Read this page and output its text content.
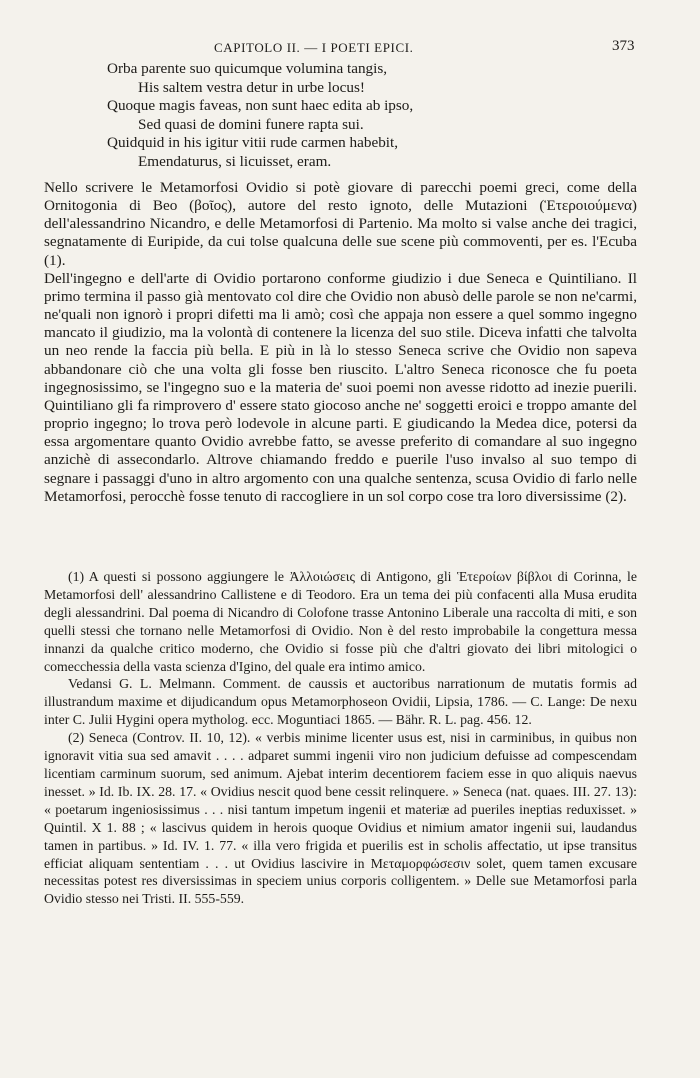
CAPITOLO II. — I POETI EPICI.	373
Orba parente suo quicumque volumina tangis,
His saltem vestra detur in urbe locus!
Quoque magis faveas, non sunt haec edita ab ipso,
Sed quasi de domini funere rapta sui.
Quidquid in his igitur vitii rude carmen habebit,
Emendaturus, si licuisset, eram.

Nello scrivere le Metamorfosi Ovidio si potè giovare di parecchi poemi greci, come della Ornitogonia di Beo (βοῖος), autore del resto ignoto, delle Mutazioni (Ἑτεροιούμενα) dell'alessandrino Nicandro, e delle Metamorfosi di Partenio. Ma molto si valse anche dei tragici, segnatamente di Euripide, da cui tolse qualcuna delle sue scene più commoventi, per es. l'Ecuba (1).

Dell'ingegno e dell'arte di Ovidio portarono conforme giudizio i due Seneca e Quintiliano. Il primo termina il passo già mentovato col dire che Ovidio non abusò delle parole se non ne'carmi, ne'quali non ignorò i propri difetti ma li amò; così che appaja non essere a quel sommo ingegno mancato il giudizio, ma la volontà di contenere la licenza del suo stile. Diceva infatti che talvolta un neo rende la faccia più bella. E più in là lo stesso Seneca scrive che Ovidio non sapeva abbandonare ciò che una volta gli fosse ben riuscito. L'altro Seneca riconosce che fu poeta ingegnosissimo, se l'ingegno suo e la materia de' suoi poemi non avesse ridotto ad inezie puerili. Quintiliano gli fa rimprovero d' essere stato giocoso anche ne' soggetti eroici e troppo amante del proprio ingegno; lo trova però lodevole in alcune parti. E giudicando la Medea dice, potersi da essa argomentare quanto Ovidio avrebbe fatto, se avesse preferito di comandare al suo ingegno anzichè di assecondarlo. Altrove chiamando freddo e puerile l'uso invalso al suo tempo di segnare i passaggi d'uno in altro argomento con una qualche sentenza, scusa Ovidio di farlo nelle Metamorfosi, perocchè fosse tenuto di raccogliere in un sol corpo cose tra loro diversissime (2).

(1) A questi si possono aggiungere le Ἀλλοιώσεις di Antigono, gli Ἑτεροίων βίβλοι di Corinna, le Metamorfosi dell' alessandrino Callistene e di Teodoro. Era un tema dei più confacenti alla Musa erudita degli alessandrini. Dal poema di Nicandro di Colofone trasse Antonino Liberale una raccolta di miti, e son quelli stessi che tornano nelle Metamorfosi di Ovidio. Non è del resto improbabile la congettura messa innanzi da qualche critico moderno, che Ovidio si fosse più che d'altri giovato dei libri mitologici o comecchessia della vasta scienza d'Igino, del quale era intimo amico.

Vedansi G. L. Melmann. Comment. de caussis et auctoribus narrationum de mutatis formis ad illustrandum maxime et dijudicandum opus Metamorphoseon Ovidii, Lipsia, 1786. — C. Lange: De nexu inter C. Julii Hygini opera mytholog. ecc. Moguntiaci 1865. — Bähr. R. L. pag. 456. 12.

(2) Seneca (Controv. II. 10, 12). « verbis minime licenter usus est, nisi in carminibus, in quibus non ignoravit vitia sua sed amavit . . . . adparet summi ingenii viro non judicium defuisse ad compescendam licentiam carminum suorum, sed animum. Ajebat interim decentiorem faciem esse in quo aliquis naevus inesset. » Id. Ib. IX. 28. 17. « Ovidius nescit quod bene cessit relinquere. » Seneca (nat. quaes. III. 27. 13): « poetarum ingeniosissimus . . . nisi tantum impetum ingenii et materiæ ad pueriles ineptias reduxisset. » Quintil. X 1. 88 ; « lascivus quidem in herois quoque Ovidius et nimium amator ingenii sui, laudandus tamen in partibus. » Id. IV. 1. 77. « illa vero frigida et puerilis est in scholis affectatio, ut ipse transitus efficiat aliquam sententiam . . . ut Ovidius lascivire in Μεταμορφώσεσιν solet, quem tamen excusare necessitas potest res diversissimas in speciem unius corporis colligentem. » Delle sue Metamorfosi parla Ovidio stesso nei Tristi. II. 555-559.
